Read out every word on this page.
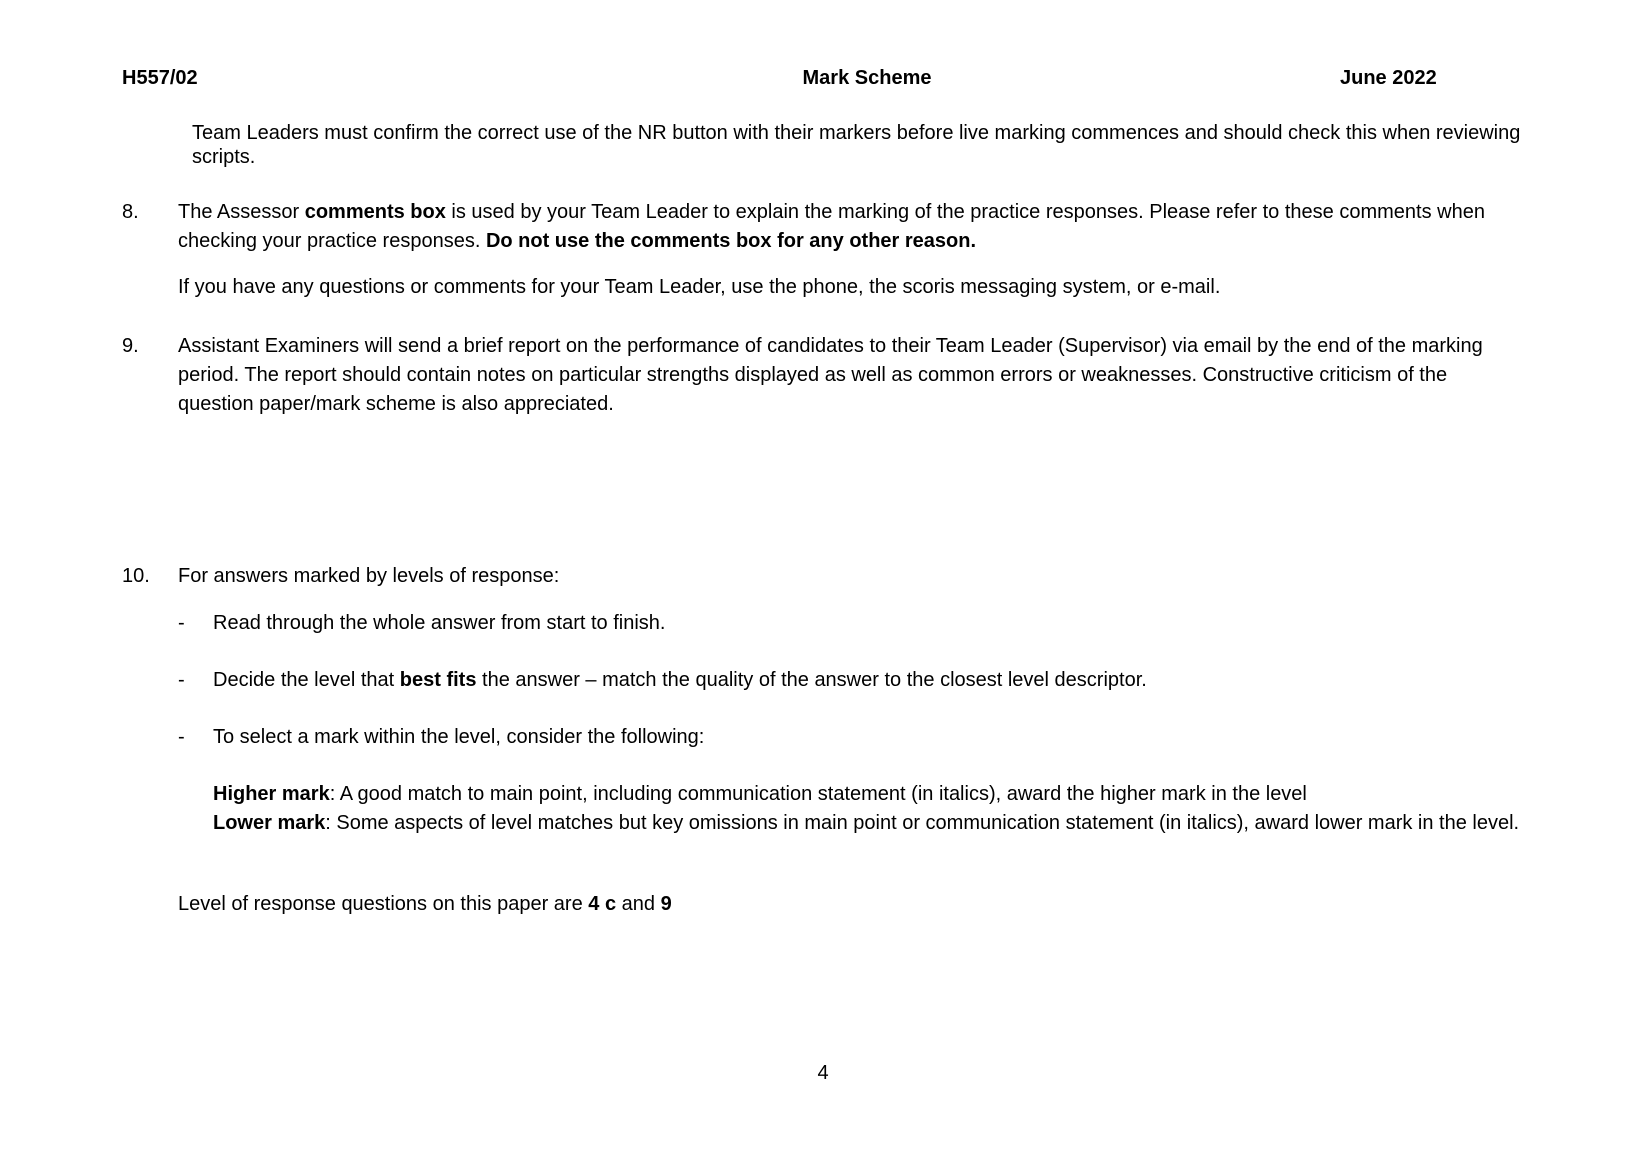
H557/02	Mark Scheme	June 2022

Team Leaders must confirm the correct use of the NR button with their markers before live marking commences and should check this when reviewing scripts.

8. The Assessor comments box is used by your Team Leader to explain the marking of the practice responses. Please refer to these comments when checking your practice responses. Do not use the comments box for any other reason.

If you have any questions or comments for your Team Leader, use the phone, the scoris messaging system, or e-mail.

9. Assistant Examiners will send a brief report on the performance of candidates to their Team Leader (Supervisor) via email by the end of the marking period. The report should contain notes on particular strengths displayed as well as common errors or weaknesses. Constructive criticism of the question paper/mark scheme is also appreciated.

10. For answers marked by levels of response:

- Read through the whole answer from start to finish.

- Decide the level that best fits the answer – match the quality of the answer to the closest level descriptor.

- To select a mark within the level, consider the following:

Higher mark: A good match to main point, including communication statement (in italics), award the higher mark in the level

Lower mark: Some aspects of level matches but key omissions in main point or communication statement (in italics), award lower mark in the level.

Level of response questions on this paper are 4 c and 9

4
